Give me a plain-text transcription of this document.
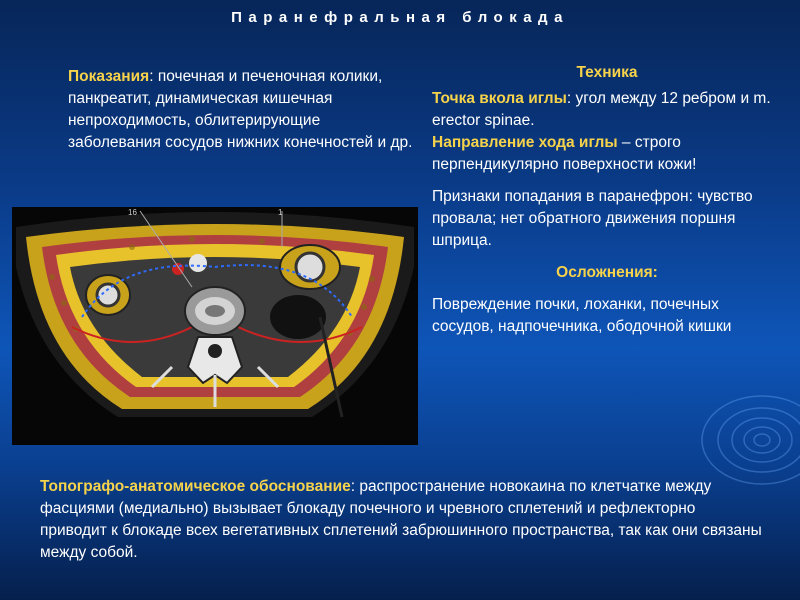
Паранефральная блокада
Показания: почечная и печеночная колики, панкреатит, динамическая кишечная непроходимость, облитерирующие заболевания сосудов нижних конечностей и др.

Техника

Точка вкола иглы: угол между 12 ребром и m. erector spinae.

Направление хода иглы – строго перпендикулярно поверхности кожи!

Признаки попадания в паранефрон: чувство провала; нет обратного движения поршня шприца.

Осложнения:

Повреждение почки, лоханки, почечных сосудов, надпочечника, ободочной кишки

16	1
Топографо-анатомическое обоснование: распространение новокаина по клетчатке между фасциями (медиально) вызывает блокаду почечного и чревного сплетений и рефлекторно приводит к блокаде всех вегетативных сплетений забрюшинного пространства, так как они связаны между собой.
